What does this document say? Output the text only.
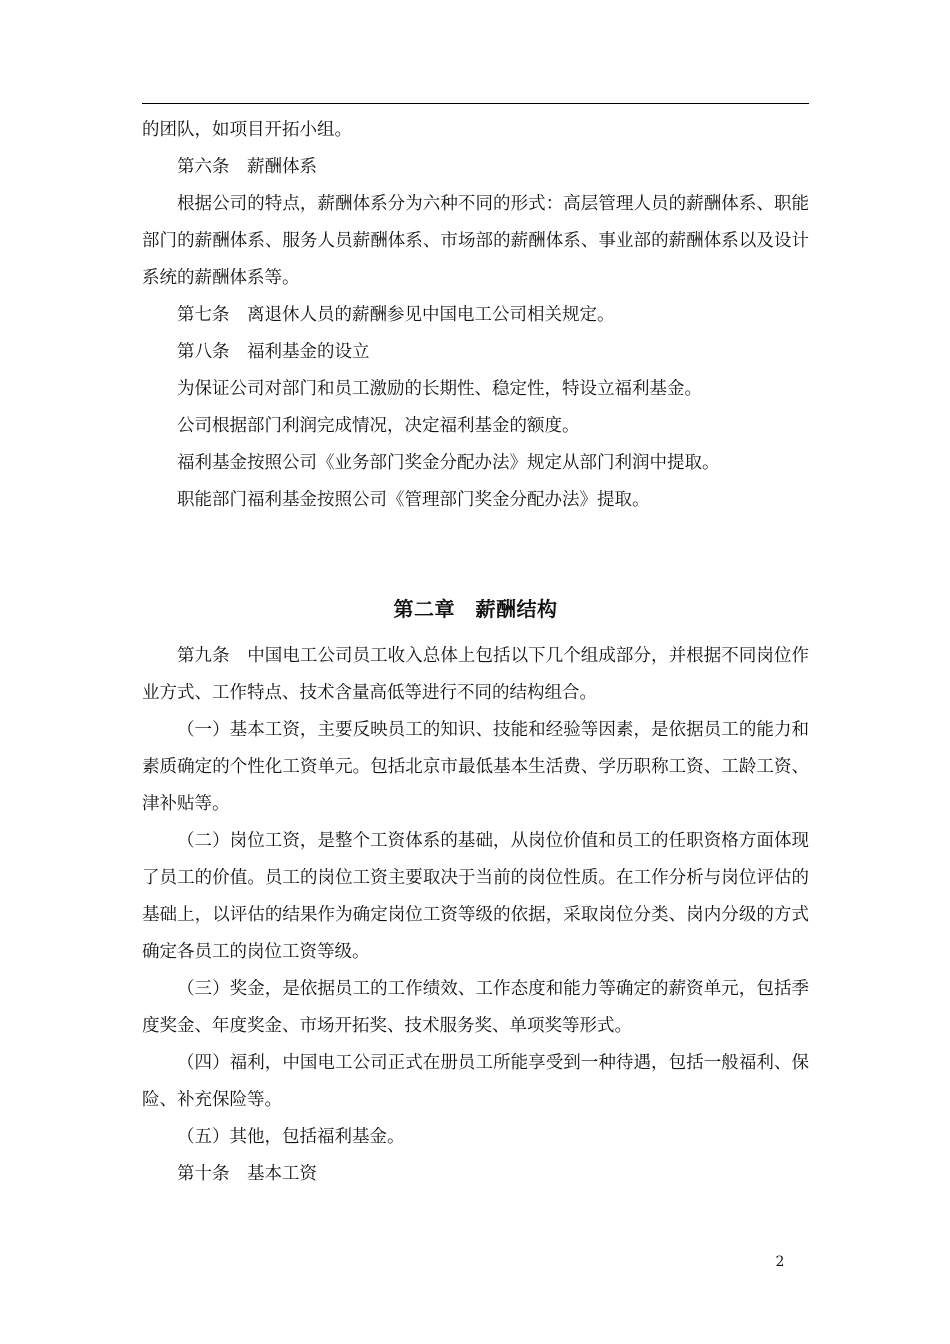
的团队，如项目开拓小组。

第六条　薪酬体系

根据公司的特点，薪酬体系分为六种不同的形式：高层管理人员的薪酬体系、职能部门的薪酬体系、服务人员薪酬体系、市场部的薪酬体系、事业部的薪酬体系以及设计系统的薪酬体系等。

第七条　离退休人员的薪酬参见中国电工公司相关规定。

第八条　福利基金的设立

为保证公司对部门和员工激励的长期性、稳定性，特设立福利基金。

公司根据部门利润完成情况，决定福利基金的额度。

福利基金按照公司《业务部门奖金分配办法》规定从部门利润中提取。

职能部门福利基金按照公司《管理部门奖金分配办法》提取。

第二章　薪酬结构

第九条　中国电工公司员工收入总体上包括以下几个组成部分，并根据不同岗位作业方式、工作特点、技术含量高低等进行不同的结构组合。

（一）基本工资，主要反映员工的知识、技能和经验等因素，是依据员工的能力和素质确定的个性化工资单元。包括北京市最低基本生活费、学历职称工资、工龄工资、津补贴等。

（二）岗位工资，是整个工资体系的基础，从岗位价值和员工的任职资格方面体现了员工的价值。员工的岗位工资主要取决于当前的岗位性质。在工作分析与岗位评估的基础上，以评估的结果作为确定岗位工资等级的依据，采取岗位分类、岗内分级的方式确定各员工的岗位工资等级。

（三）奖金，是依据员工的工作绩效、工作态度和能力等确定的薪资单元，包括季度奖金、年度奖金、市场开拓奖、技术服务奖、单项奖等形式。

（四）福利，中国电工公司正式在册员工所能享受到一种待遇，包括一般福利、保险、补充保险等。

（五）其他，包括福利基金。

第十条　基本工资

2
